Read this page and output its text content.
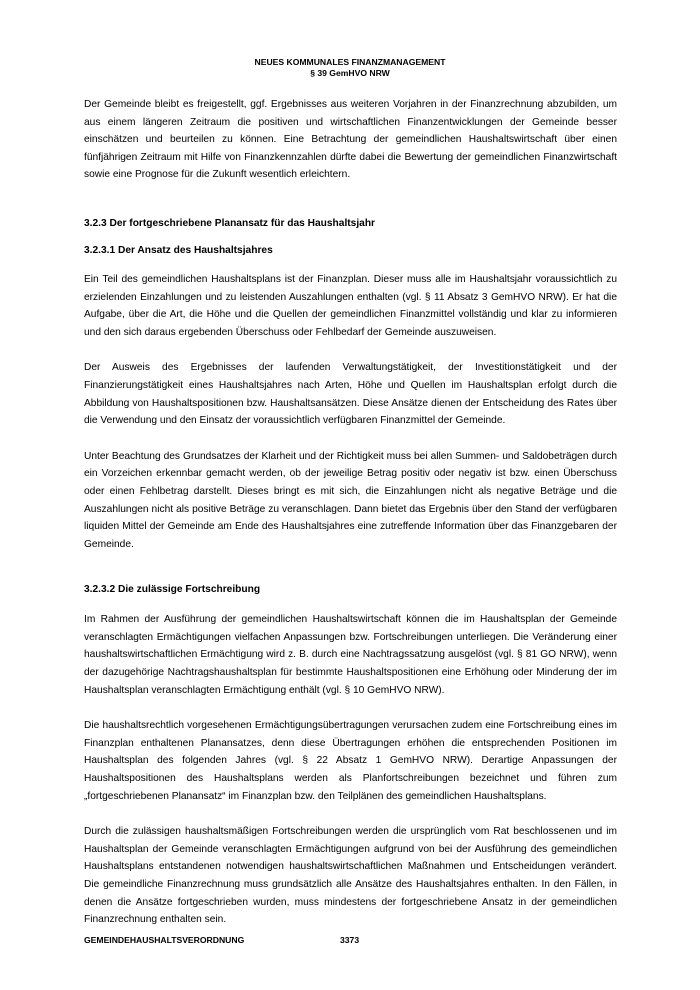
NEUES KOMMUNALES FINANZMANAGEMENT
§ 39 GemHVO NRW

Der Gemeinde bleibt es freigestellt, ggf. Ergebnisses aus weiteren Vorjahren in der Finanzrechnung abzubilden, um aus einem längeren Zeitraum die positiven und wirtschaftlichen Finanzentwicklungen der Gemeinde besser einschätzen und beurteilen zu können. Eine Betrachtung der gemeindlichen Haushaltswirtschaft über einen fünfjährigen Zeitraum mit Hilfe von Finanzkennzahlen dürfte dabei die Bewertung der gemeindlichen Finanzwirtschaft sowie eine Prognose für die Zukunft wesentlich erleichtern.

3.2.3 Der fortgeschriebene Planansatz für das Haushaltsjahr
3.2.3.1 Der Ansatz des Haushaltsjahres

Ein Teil des gemeindlichen Haushaltsplans ist der Finanzplan. Dieser muss alle im Haushaltsjahr voraussichtlich zu erzielenden Einzahlungen und zu leistenden Auszahlungen enthalten (vgl. § 11 Absatz 3 GemHVO NRW). Er hat die Aufgabe, über die Art, die Höhe und die Quellen der gemeindlichen Finanzmittel vollständig und klar zu informieren und den sich daraus ergebenden Überschuss oder Fehlbedarf der Gemeinde auszuweisen.

Der Ausweis des Ergebnisses der laufenden Verwaltungstätigkeit, der Investitionstätigkeit und der Finanzierungstätigkeit eines Haushaltsjahres nach Arten, Höhe und Quellen im Haushaltsplan erfolgt durch die Abbildung von Haushaltspositionen bzw. Haushaltsansätzen. Diese Ansätze dienen der Entscheidung des Rates über die Verwendung und den Einsatz der voraussichtlich verfügbaren Finanzmittel der Gemeinde.

Unter Beachtung des Grundsatzes der Klarheit und der Richtigkeit muss bei allen Summen- und Saldobeträgen durch ein Vorzeichen erkennbar gemacht werden, ob der jeweilige Betrag positiv oder negativ ist bzw. einen Überschuss oder einen Fehlbetrag darstellt. Dieses bringt es mit sich, die Einzahlungen nicht als negative Beträge und die Auszahlungen nicht als positive Beträge zu veranschlagen. Dann bietet das Ergebnis über den Stand der verfügbaren liquiden Mittel der Gemeinde am Ende des Haushaltsjahres eine zutreffende Information über das Finanzgebaren der Gemeinde.

3.2.3.2 Die zulässige Fortschreibung

Im Rahmen der Ausführung der gemeindlichen Haushaltswirtschaft können die im Haushaltsplan der Gemeinde veranschlagten Ermächtigungen vielfachen Anpassungen bzw. Fortschreibungen unterliegen. Die Veränderung einer haushaltswirtschaftlichen Ermächtigung wird z. B. durch eine Nachtragssatzung ausgelöst (vgl. § 81 GO NRW), wenn der dazugehörige Nachtragshaushaltsplan für bestimmte Haushaltspositionen eine Erhöhung oder Minderung der im Haushaltsplan veranschlagten Ermächtigung enthält (vgl. § 10 GemHVO NRW).

Die haushaltsrechtlich vorgesehenen Ermächtigungsübertragungen verursachen zudem eine Fortschreibung eines im Finanzplan enthaltenen Planansatzes, denn diese Übertragungen erhöhen die entsprechenden Positionen im Haushaltsplan des folgenden Jahres (vgl. § 22 Absatz 1 GemHVO NRW). Derartige Anpassungen der Haushaltspositionen des Haushaltsplans werden als Planfortschreibungen bezeichnet und führen zum „fortgeschriebenen Planansatz“ im Finanzplan bzw. den Teilplänen des gemeindlichen Haushaltsplans.

Durch die zulässigen haushaltsmäßigen Fortschreibungen werden die ursprünglich vom Rat beschlossenen und im Haushaltsplan der Gemeinde veranschlagten Ermächtigungen aufgrund von bei der Ausführung des gemeindlichen Haushaltsplans entstandenen notwendigen haushaltswirtschaftlichen Maßnahmen und Entscheidungen verändert. Die gemeindliche Finanzrechnung muss grundsätzlich alle Ansätze des Haushaltsjahres enthalten. In den Fällen, in denen die Ansätze fortgeschrieben wurden, muss mindestens der fortgeschriebene Ansatz in der gemeindlichen Finanzrechnung enthalten sein.

GEMEINDEHAUSHALTSVERORDNUNG	3373
